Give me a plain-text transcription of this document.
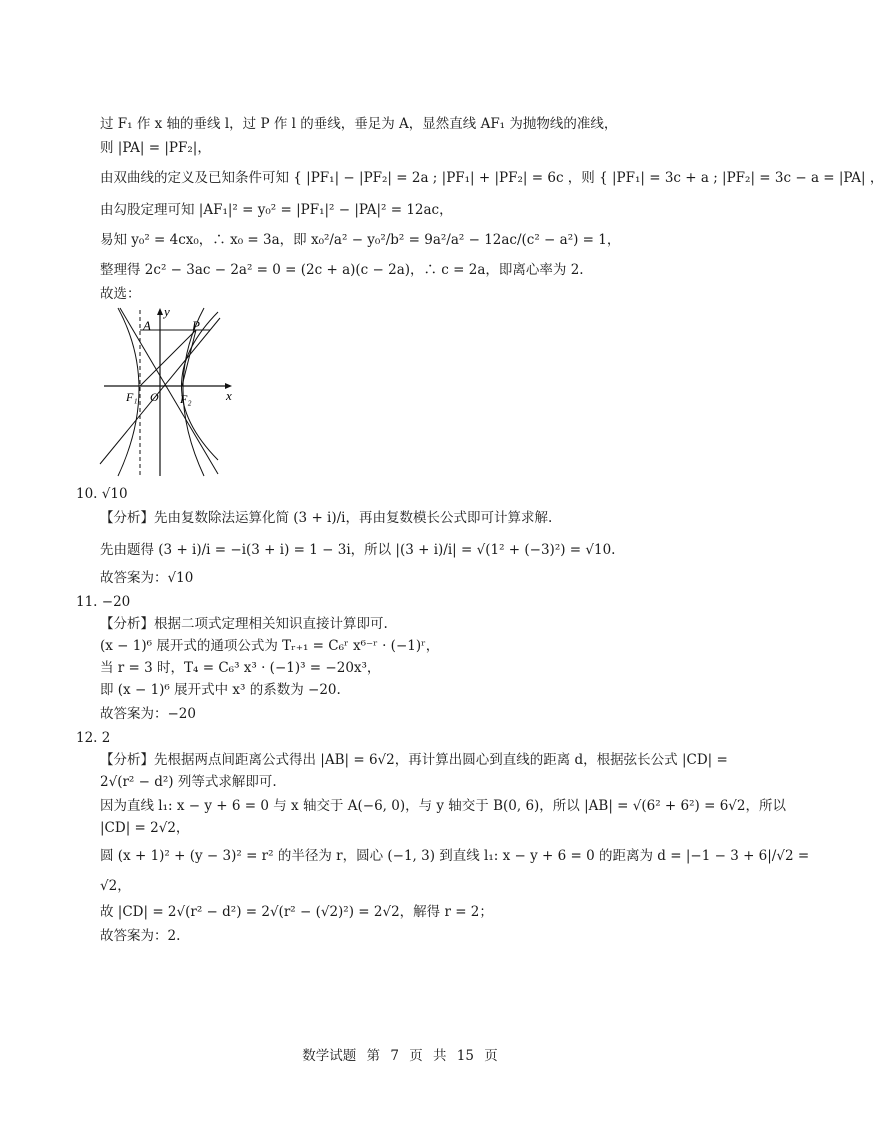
过 F₁ 作 x 轴的垂线 l，过 P 作 l 的垂线，垂足为 A，显然直线 AF₁ 为抛物线的准线，
则 |PA| = |PF₂|，
由双曲线的定义及已知条件可知 { |PF₁| − |PF₂| = 2a ; |PF₁| + |PF₂| = 6c ，则 { |PF₁| = 3c + a ; |PF₂| = 3c − a = |PA| ，
由勾股定理可知 |AF₁|² = y₀² = |PF₁|² − |PA|² = 12ac，
易知 y₀² = 4cx₀，∴ x₀ = 3a，即 x₀²/a² − y₀²/b² = 9a²/a² − 12ac/(c² − a²) = 1，
整理得 2c² − 3ac − 2a² = 0 = (2c + a)(c − 2a)，∴ c = 2a，即离心率为 2.
故选：
y
x
A	P
F₁ O F₂
10. √10
【分析】先由复数除法运算化简 (3 + i)/i，再由复数模长公式即可计算求解.
先由题得 (3 + i)/i = −i(3 + i) = 1 − 3i，所以 |(3 + i)/i| = √(1² + (−3)²) = √10.
故答案为：√10
11. −20
【分析】根据二项式定理相关知识直接计算即可.
(x − 1)⁶ 展开式的通项公式为 Tᵣ₊₁ = C₆ʳ x⁶⁻ʳ · (−1)ʳ，
当 r = 3 时，T₄ = C₆³ x³ · (−1)³ = −20x³，
即 (x − 1)⁶ 展开式中 x³ 的系数为 −20.
故答案为：−20
12. 2
【分析】先根据两点间距离公式得出 |AB| = 6√2，再计算出圆心到直线的距离 d，根据弦长公式 |CD| =
2√(r² − d²) 列等式求解即可.
因为直线 l₁: x − y + 6 = 0 与 x 轴交于 A(−6, 0)，与 y 轴交于 B(0, 6)，所以 |AB| = √(6² + 6²) = 6√2，所以
|CD| = 2√2，
圆 (x + 1)² + (y − 3)² = r² 的半径为 r，圆心 (−1, 3) 到直线 l₁: x − y + 6 = 0 的距离为 d = |−1 − 3 + 6|/√2 =
√2，
故 |CD| = 2√(r² − d²) = 2√(r² − (√2)²) = 2√2，解得 r = 2；
故答案为：2.
数学试题 第 7 页 共 15 页
